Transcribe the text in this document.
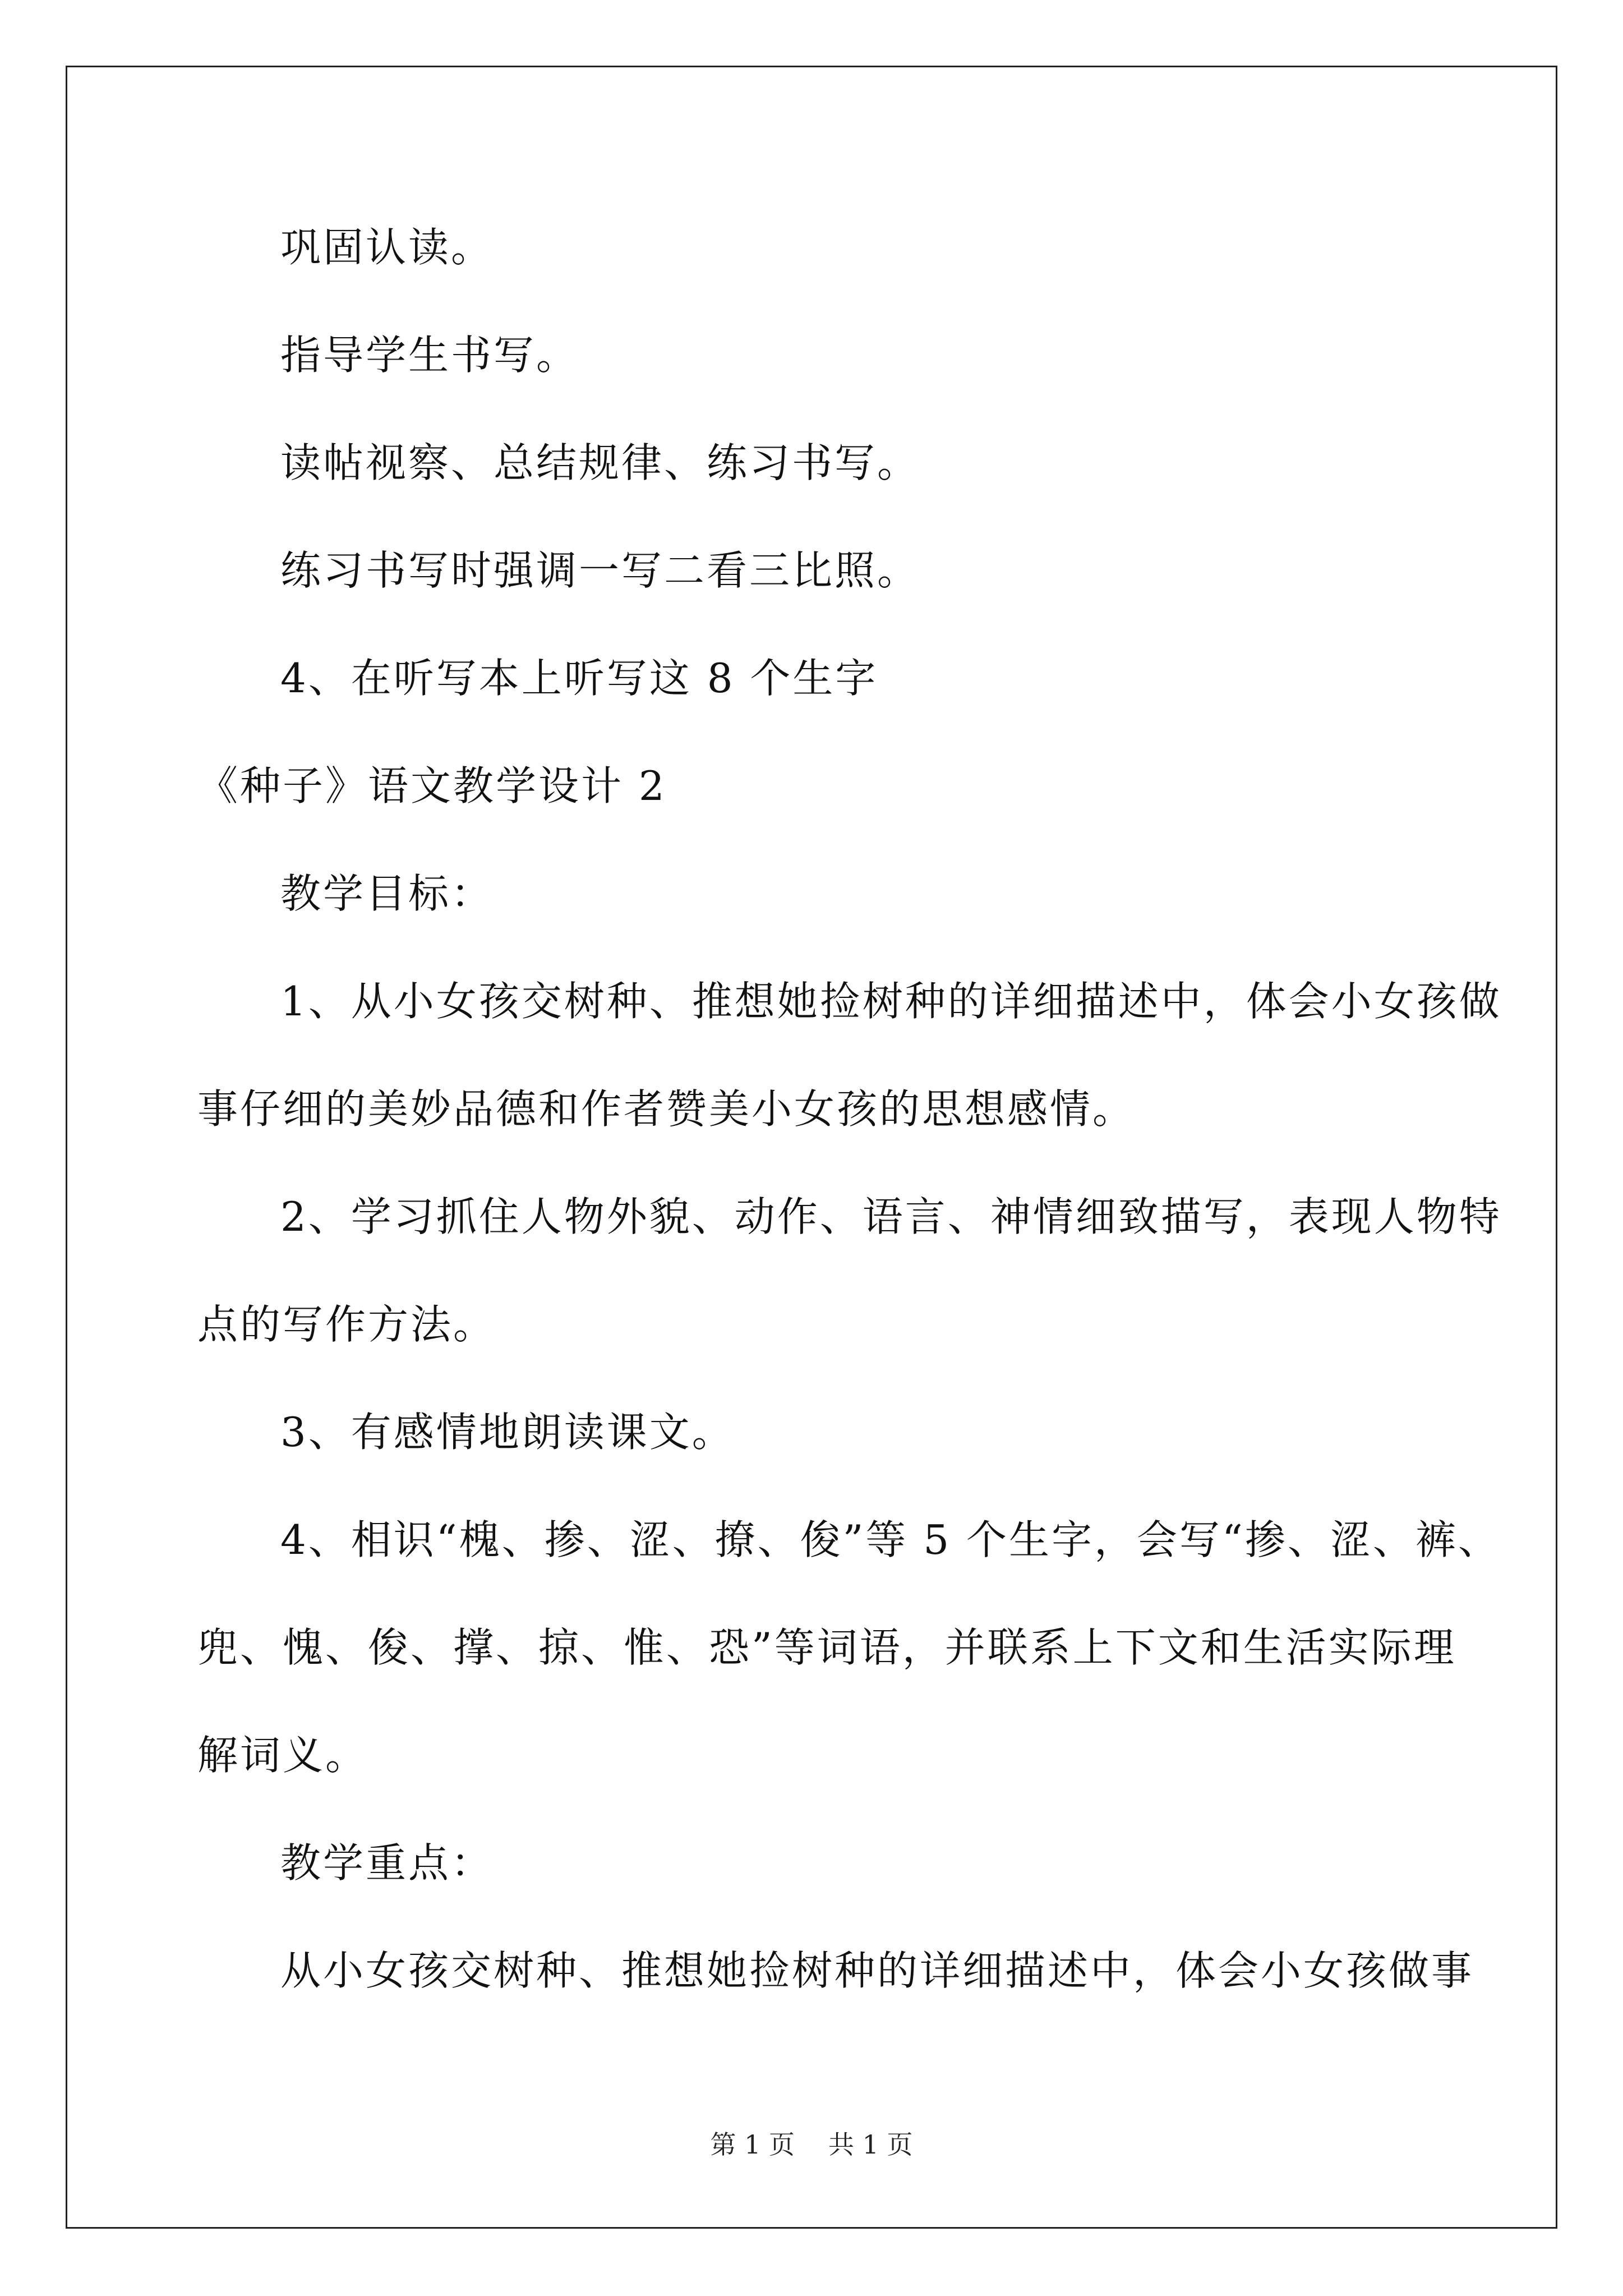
巩固认读。
指导学生书写。
读帖视察、总结规律、练习书写。
练习书写时强调一写二看三比照。
4、在听写本上听写这 8 个生字
《种子》语文教学设计 2
教学目标：
1、从小女孩交树种、推想她捡树种的详细描述中，体会小女孩做
事仔细的美妙品德和作者赞美小女孩的思想感情。
2、学习抓住人物外貌、动作、语言、神情细致描写，表现人物特
点的写作方法。
3、有感情地朗读课文。
4、相识“槐、掺、涩、撩、俊”等 5 个生字，会写“掺、涩、裤、
兜、愧、俊、撑、掠、惟、恐”等词语，并联系上下文和生活实际理
解词义。
教学重点：
从小女孩交树种、推想她捡树种的详细描述中，体会小女孩做事
第 1 页 共 1 页
